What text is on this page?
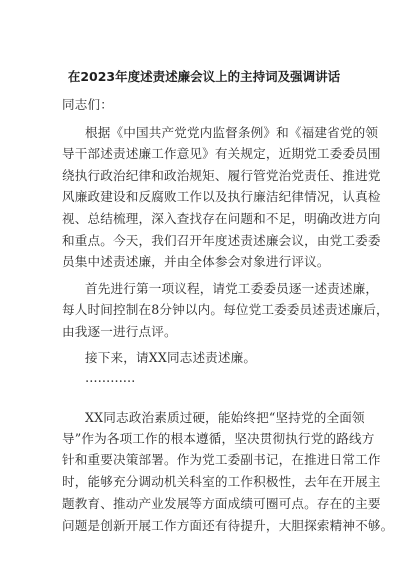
在2023年度述责述廉会议上的主持词及强调讲话
同志们：
根据《中国共产党党内监督条例》和《福建省党的领
导干部述责述廉工作意见》有关规定，近期党工委委员围
绕执行政治纪律和政治规矩、履行管党治党责任、推进党
风廉政建设和反腐败工作以及执行廉洁纪律情况，认真检
视、总结梳理，深入查找存在问题和不足，明确改进方向
和重点。今天，我们召开年度述责述廉会议，由党工委委
员集中述责述廉，并由全体参会对象进行评议。
首先进行第一项议程，请党工委委员逐一述责述廉，
每人时间控制在8分钟以内。每位党工委委员述责述廉后，
由我逐一进行点评。
接下来，请XX同志述责述廉。
…………
XX同志政治素质过硬，能始终把“坚持党的全面领
导”作为各项工作的根本遵循，坚决贯彻执行党的路线方
针和重要决策部署。作为党工委副书记，在推进日常工作
时，能够充分调动机关科室的工作积极性，去年在开展主
题教育、推动产业发展等方面成绩可圈可点。存在的主要
问题是创新开展工作方面还有待提升，大胆探索精神不够。
